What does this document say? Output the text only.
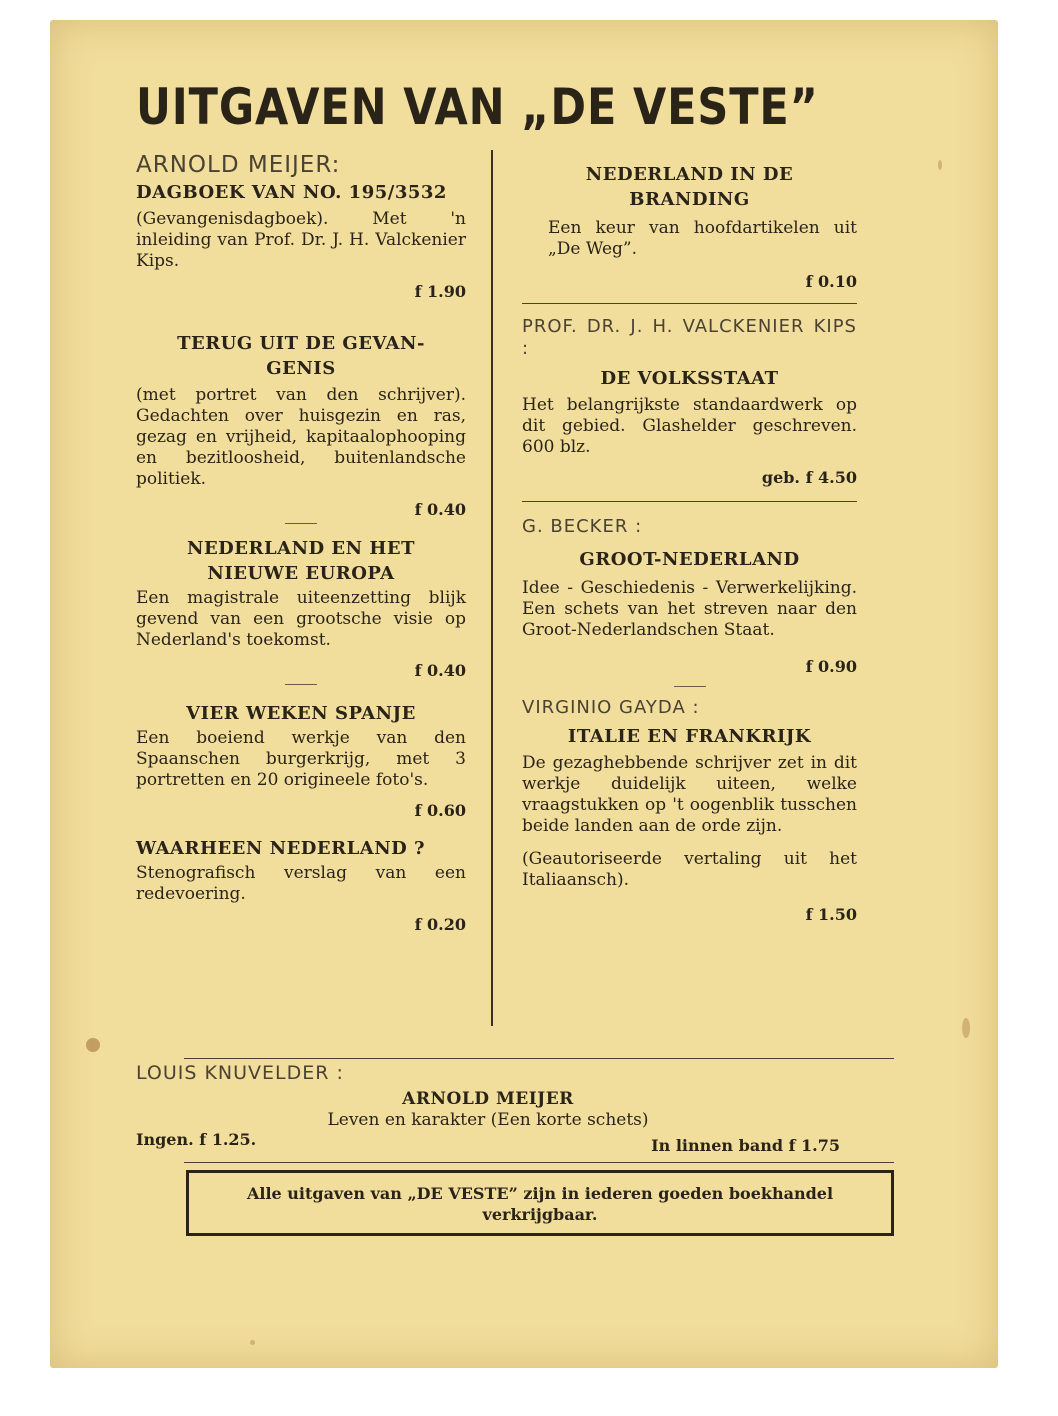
UITGAVEN VAN „DE VESTE”

ARNOLD MEIJER:

DAGBOEK VAN NO. 195/3532

(Gevangenisdagboek). Met 'n inleiding van Prof. Dr. J. H. Valckenier Kips.

f 1.90

TERUG UIT DE GEVAN-
GENIS

(met portret van den schrijver). Gedachten over huisgezin en ras, gezag en vrijheid, kapitaalophooping en bezitloosheid, buitenlandsche politiek.

f 0.40

NEDERLAND EN HET
NIEUWE EUROPA

Een magistrale uiteenzetting blijk gevend van een grootsche visie op Nederland's toekomst.

f 0.40

VIER WEKEN SPANJE

Een boeiend werkje van den Spaanschen burgerkrijg, met 3 portretten en 20 origineele foto's.

f 0.60

WAARHEEN NEDERLAND ?

Stenografisch verslag van een redevoering.

f 0.20

NEDERLAND IN DE
BRANDING

Een keur van hoofdartikelen uit „De Weg”.

f 0.10

PROF. DR. J. H. VALCKENIER KIPS :

DE VOLKSSTAAT

Het belangrijkste standaardwerk op dit gebied. Glashelder geschreven. 600 blz.

geb. f 4.50

G. BECKER :

GROOT-NEDERLAND

Idee - Geschiedenis - Verwerkelijking. Een schets van het streven naar den Groot-Nederlandschen Staat.

f 0.90

VIRGINIO GAYDA :

ITALIE EN FRANKRIJK

De gezaghebbende schrijver zet in dit werkje duidelijk uiteen, welke vraagstukken op 't oogenblik tusschen beide landen aan de orde zijn.

(Geautoriseerde vertaling uit het Italiaansch).

f 1.50

LOUIS KNUVELDER :

ARNOLD MEIJER

Leven en karakter (Een korte schets)

Ingen. f 1.25.	In linnen band f 1.75
Alle uitgaven van „DE VESTE” zijn in iederen goeden boekhandel verkrijgbaar.
